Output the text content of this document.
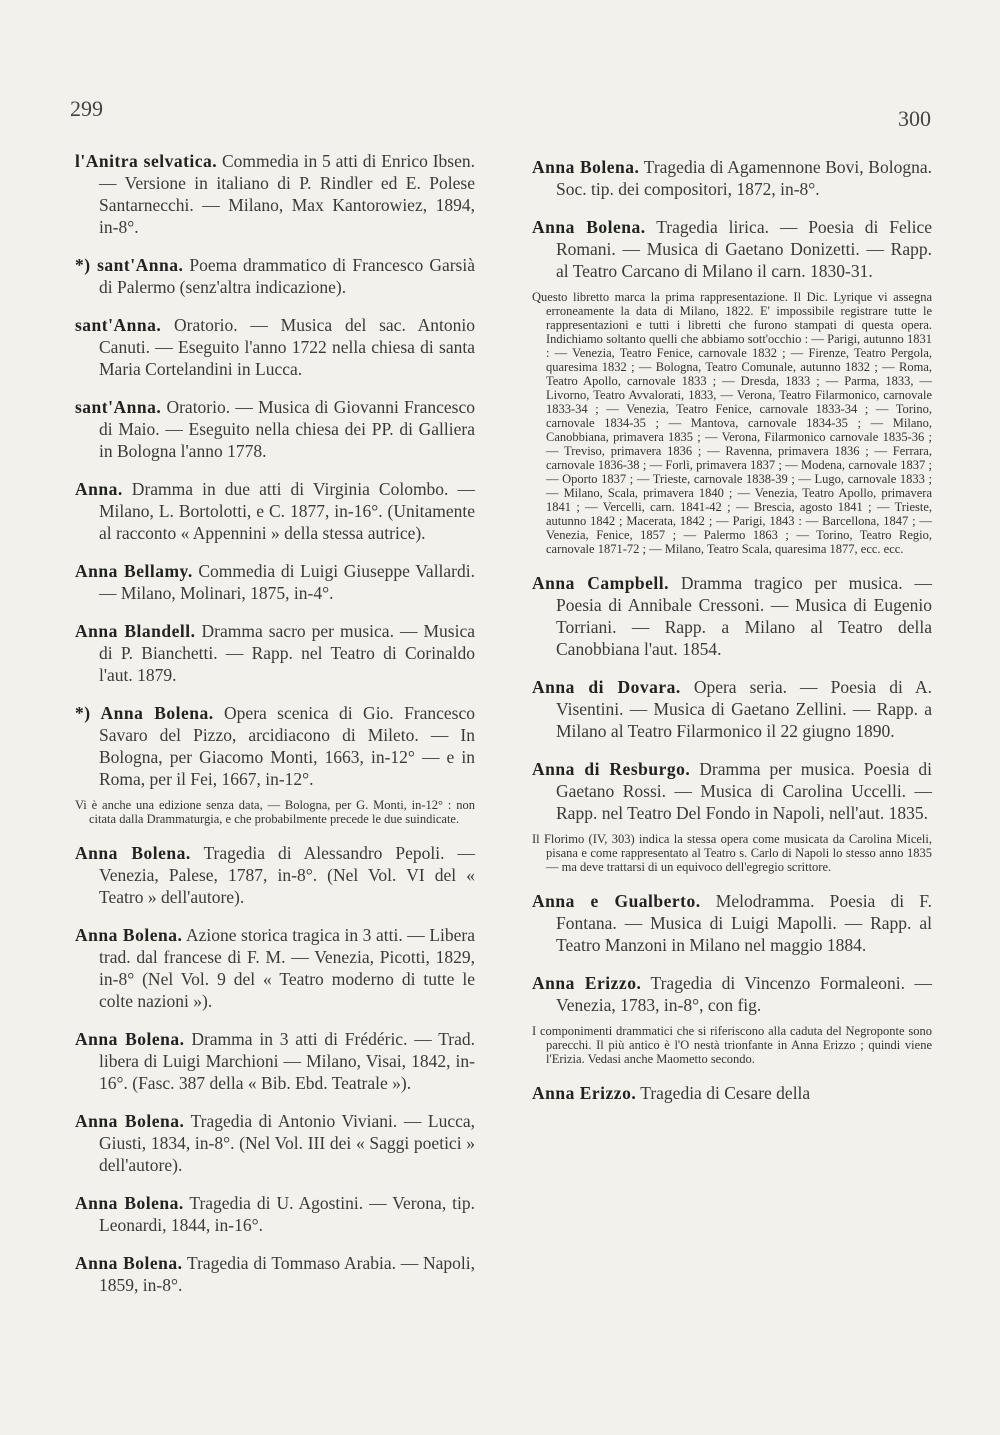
299	300

l'Anitra selvatica. Commedia in 5 atti di Enrico Ibsen. — Versione in italiano di P. Rindler ed E. Polese Santarnecchi. — Milano, Max Kantorowiez, 1894, in-8°.

*) sant'Anna. Poema drammatico di Francesco Garsià di Palermo (senz'altra indicazione).

sant'Anna. Oratorio. — Musica del sac. Antonio Canuti. — Eseguito l'anno 1722 nella chiesa di santa Maria Cortelandini in Lucca.

sant'Anna. Oratorio. — Musica di Giovanni Francesco di Maio. — Eseguito nella chiesa dei PP. di Galliera in Bologna l'anno 1778.

Anna. Dramma in due atti di Virginia Colombo. — Milano, L. Bortolotti, e C. 1877, in-16°. (Unitamente al racconto « Appennini » della stessa autrice).

Anna Bellamy. Commedia di Luigi Giuseppe Vallardi. — Milano, Molinari, 1875, in-4°.

Anna Blandell. Dramma sacro per musica. — Musica di P. Bianchetti. — Rapp. nel Teatro di Corinaldo l'aut. 1879.

*) Anna Bolena. Opera scenica di Gio. Francesco Savaro del Pizzo, arcidiacono di Mileto. — In Bologna, per Giacomo Monti, 1663, in-12° — e in Roma, per il Fei, 1667, in-12°.

Vi è anche una edizione senza data, — Bologna, per G. Monti, in-12° : non citata dalla Drammaturgia, e che probabilmente precede le due suindicate.

Anna Bolena. Tragedia di Alessandro Pepoli. — Venezia, Palese, 1787, in-8°. (Nel Vol. VI del « Teatro » dell'autore).

Anna Bolena. Azione storica tragica in 3 atti. — Libera trad. dal francese di F. M. — Venezia, Picotti, 1829, in-8° (Nel Vol. 9 del « Teatro moderno di tutte le colte nazioni »).

Anna Bolena. Dramma in 3 atti di Frédéric. — Trad. libera di Luigi Marchioni — Milano, Visai, 1842, in-16°. (Fasc. 387 della « Bib. Ebd. Teatrale »).

Anna Bolena. Tragedia di Antonio Viviani. — Lucca, Giusti, 1834, in-8°. (Nel Vol. III dei « Saggi poetici » dell'autore).

Anna Bolena. Tragedia di U. Agostini. — Verona, tip. Leonardi, 1844, in-16°.

Anna Bolena. Tragedia di Tommaso Arabia. — Napoli, 1859, in-8°.

Anna Bolena. Tragedia di Agamennone Bovi, Bologna. Soc. tip. dei compositori, 1872, in-8°.

Anna Bolena. Tragedia lirica. — Poesia di Felice Romani. — Musica di Gaetano Donizetti. — Rapp. al Teatro Carcano di Milano il carn. 1830-31.

Questo libretto marca la prima rappresentazione. Il Dic. Lyrique vi assegna erroneamente la data di Milano, 1822. E' impossibile registrare tutte le rappresentazioni e tutti i libretti che furono stampati di questa opera. Indichiamo soltanto quelli che abbiamo sott'occhio : — Parigi, autunno 1831 : — Venezia, Teatro Fenice, carnovale 1832 ; — Firenze, Teatro Pergola, quaresima 1832 ; — Bologna, Teatro Comunale, autunno 1832 ; — Roma, Teatro Apollo, carnovale 1833 ; — Dresda, 1833 ; — Parma, 1833, — Livorno, Teatro Avvalorati, 1833, — Verona, Teatro Filarmonico, carnovale 1833-34 ; — Venezia, Teatro Fenice, carnovale 1833-34 ; — Torino, carnovale 1834-35 ; — Mantova, carnovale 1834-35 ; — Milano, Canobbiana, primavera 1835 ; — Verona, Filarmonico carnovale 1835-36 ; — Treviso, primavera 1836 ; — Ravenna, primavera 1836 ; — Ferrara, carnovale 1836-38 ; — Forlì, primavera 1837 ; — Modena, carnovale 1837 ; — Oporto 1837 ; — Trieste, carnovale 1838-39 ; — Lugo, carnovale 1833 ; — Milano, Scala, primavera 1840 ; — Venezia, Teatro Apollo, primavera 1841 ; — Vercelli, carn. 1841-42 ; — Brescia, agosto 1841 ; — Trieste, autunno 1842 ; Macerata, 1842 ; — Parigi, 1843 : — Barcellona, 1847 ; — Venezia, Fenice, 1857 ; — Palermo 1863 ; — Torino, Teatro Regio, carnovale 1871-72 ; — Milano, Teatro Scala, quaresima 1877, ecc. ecc.

Anna Campbell. Dramma tragico per musica. — Poesia di Annibale Cressoni. — Musica di Eugenio Torriani. — Rapp. a Milano al Teatro della Canobbiana l'aut. 1854.

Anna di Dovara. Opera seria. — Poesia di A. Visentini. — Musica di Gaetano Zellini. — Rapp. a Milano al Teatro Filarmonico il 22 giugno 1890.

Anna di Resburgo. Dramma per musica. Poesia di Gaetano Rossi. — Musica di Carolina Uccelli. — Rapp. nel Teatro Del Fondo in Napoli, nell'aut. 1835.

Il Florimo (IV, 303) indica la stessa opera come musicata da Carolina Miceli, pisana e come rappresentato al Teatro s. Carlo di Napoli lo stesso anno 1835 — ma deve trattarsi di un equivoco dell'egregio scrittore.

Anna e Gualberto. Melodramma. Poesia di F. Fontana. — Musica di Luigi Mapolli. — Rapp. al Teatro Manzoni in Milano nel maggio 1884.

Anna Erizzo. Tragedia di Vincenzo Formaleoni. — Venezia, 1783, in-8°, con fig.

I componimenti drammatici che si riferiscono alla caduta del Negroponte sono parecchi. Il più antico è l'O nestà trionfante in Anna Erizzo ; quindi viene l'Erizia. Vedasi anche Maometto secondo.

Anna Erizzo. Tragedia di Cesare della
